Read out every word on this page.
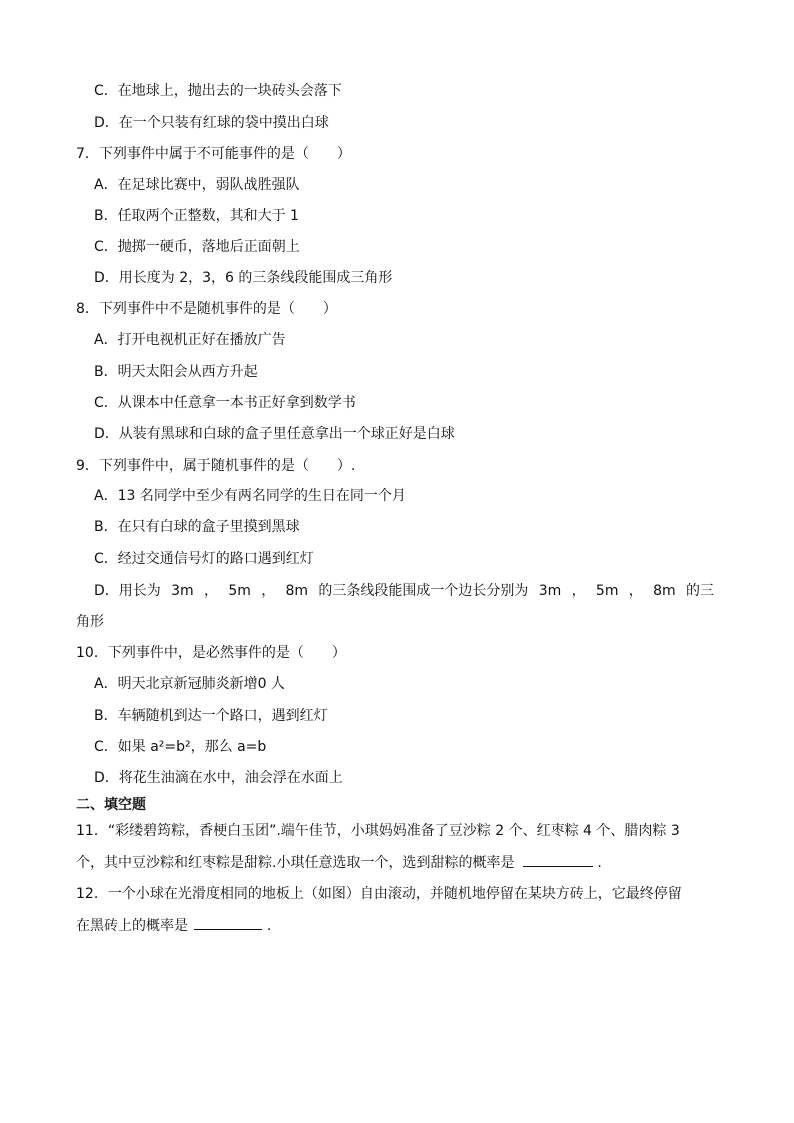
C．在地球上，抛出去的一块砖头会落下
D．在一个只装有红球的袋中摸出白球
7．下列事件中属于不可能事件的是（　　）
A．在足球比赛中，弱队战胜强队
B．任取两个正整数，其和大于 1
C．抛掷一硬币，落地后正面朝上
D．用长度为 2，3，6 的三条线段能围成三角形
8．下列事件中不是随机事件的是（　　）
A．打开电视机正好在播放广告
B．明天太阳会从西方升起
C．从课本中任意拿一本书正好拿到数学书
D．从装有黑球和白球的盒子里任意拿出一个球正好是白球
9．下列事件中，属于随机事件的是（　　）.
A．13 名同学中至少有两名同学的生日在同一个月
B．在只有白球的盒子里摸到黑球
C．经过交通信号灯的路口遇到红灯
D．用长为 3m ， 5m ， 8m 的三条线段能围成一个边长分别为 3m ， 5m ， 8m 的三
角形
10．下列事件中，是必然事件的是（　　）
A．明天北京新冠肺炎新增0 人
B．车辆随机到达一个路口，遇到红灯
C．如果 a²=b²，那么 a=b
D．将花生油滴在水中，油会浮在水面上
二、填空题
11．“彩缕碧筠粽，香梗白玉团”.端午佳节，小琪妈妈准备了豆沙粽 2 个、红枣粽 4 个、腊肉粽 3
个，其中豆沙粽和红枣粽是甜粽.小琪任意选取一个，选到甜粽的概率是	.
12．一个小球在光滑度相同的地板上（如图）自由滚动，并随机地停留在某块方砖上，它最终停留
在黑砖上的概率是	.
